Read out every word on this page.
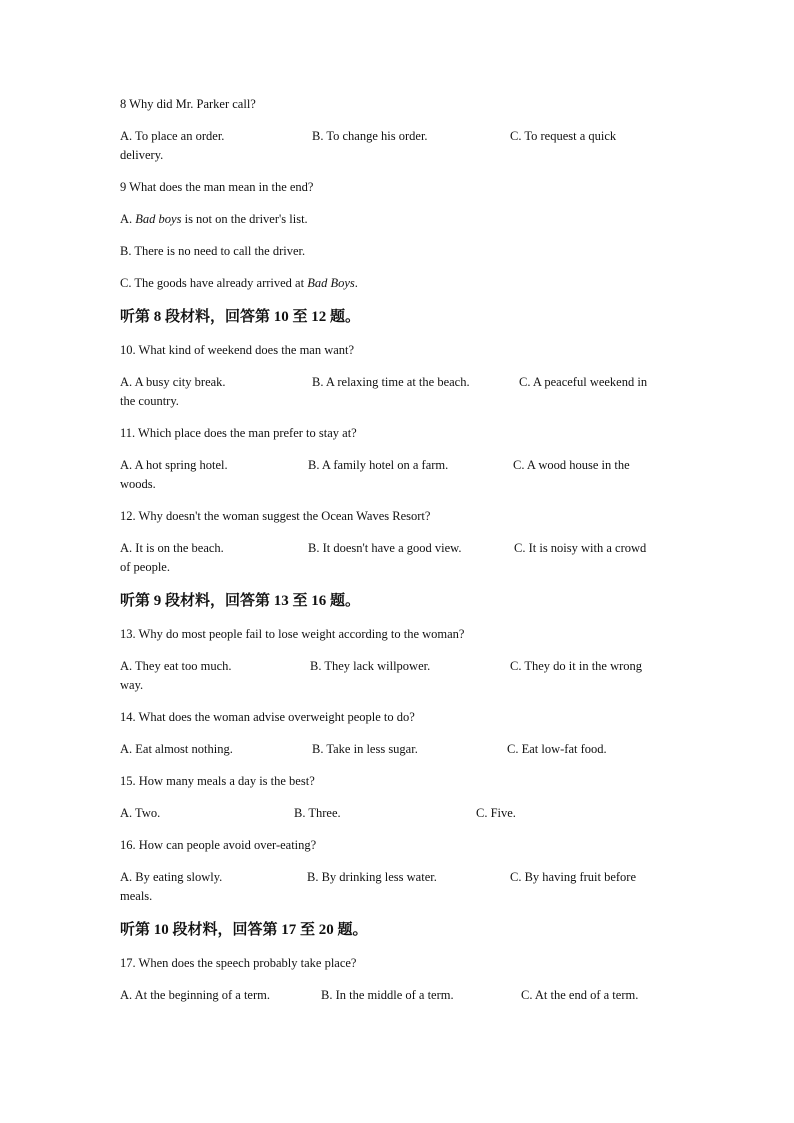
8 Why did Mr. Parker call?
A. To place an order.	B. To change his order.	C. To request a quick
delivery.
9 What does the man mean in the end?
A. Bad boys is not on the driver's list.
B. There is no need to call the driver.
C. The goods have already arrived at Bad Boys.
听第 8 段材料，回答第 10 至 12 题。
10. What kind of weekend does the man want?
A. A busy city break.	B. A relaxing time at the beach.	C. A peaceful weekend in
the country.
11. Which place does the man prefer to stay at?
A. A hot spring hotel.	B. A family hotel on a farm.	C. A wood house in the
woods.
12. Why doesn't the woman suggest the Ocean Waves Resort?
A. It is on the beach.	B. It doesn't have a good view.	C. It is noisy with a crowd
of people.
听第 9 段材料，回答第 13 至 16 题。
13. Why do most people fail to lose weight according to the woman?
A. They eat too much.	B. They lack willpower.	C. They do it in the wrong
way.
14. What does the woman advise overweight people to do?
A. Eat almost nothing.	B. Take in less sugar.	C. Eat low-fat food.
15. How many meals a day is the best?
A. Two.	B. Three.	C. Five.
16. How can people avoid over-eating?
A. By eating slowly.	B. By drinking less water.	C. By having fruit before
meals.
听第 10 段材料，回答第 17 至 20 题。
17. When does the speech probably take place?
A. At the beginning of a term.	B. In the middle of a term.	C. At the end of a term.
